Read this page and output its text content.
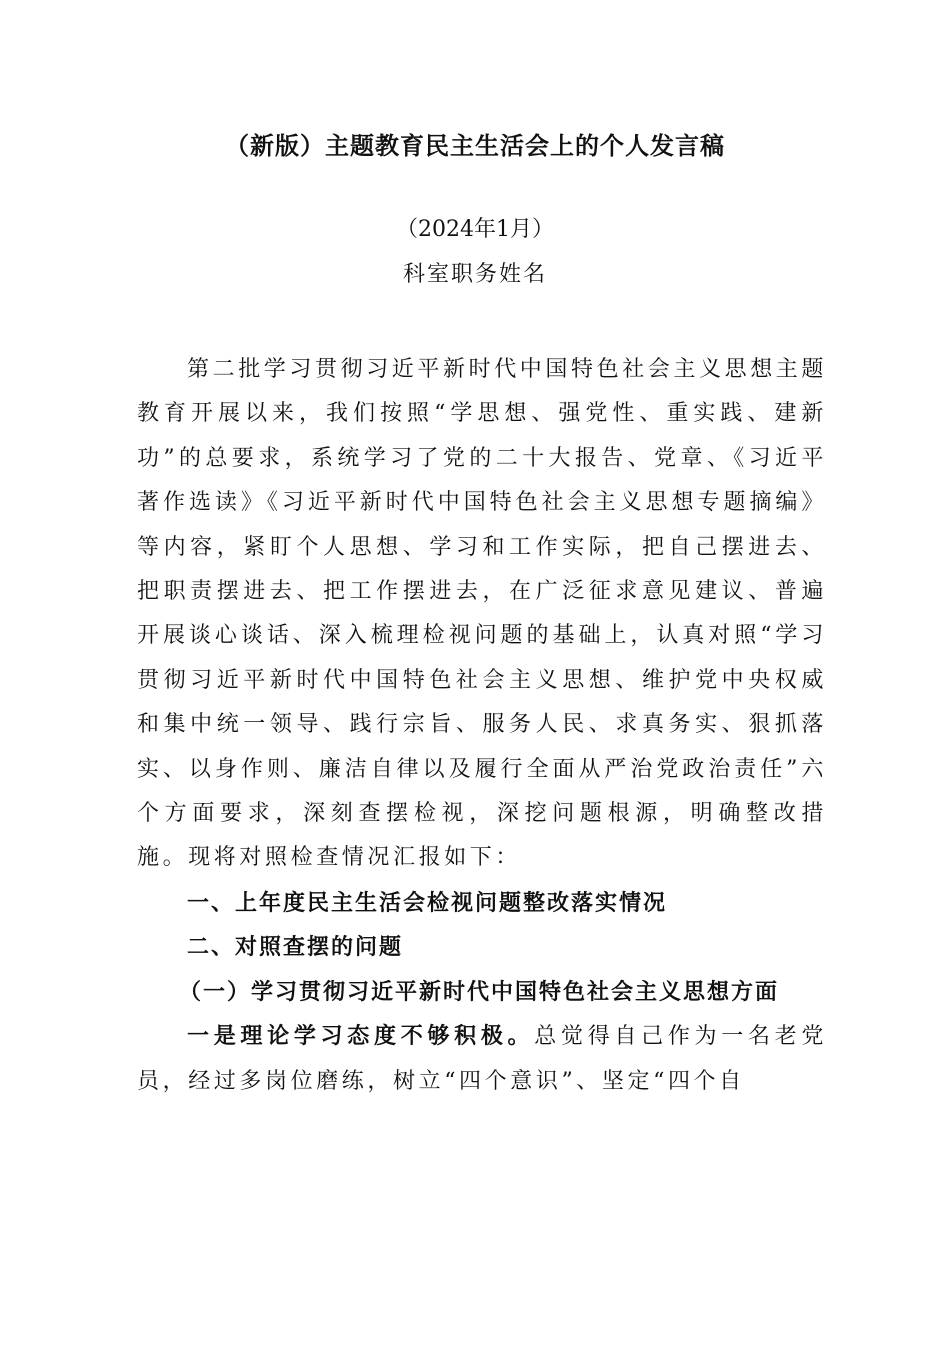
（新版）主题教育民主生活会上的个人发言稿
（2024年1月）
科室职务姓名

第二批学习贯彻习近平新时代中国特色社会主义思想主题教育开展以来，我们按照“学思想、强党性、重实践、建新功”的总要求，系统学习了党的二十大报告、党章、《习近平著作选读》《习近平新时代中国特色社会主义思想专题摘编》等内容，紧盯个人思想、学习和工作实际，把自己摆进去、把职责摆进去、把工作摆进去，在广泛征求意见建议、普遍开展谈心谈话、深入梳理检视问题的基础上，认真对照“学习贯彻习近平新时代中国特色社会主义思想、维护党中央权威和集中统一领导、践行宗旨、服务人民、求真务实、狠抓落实、以身作则、廉洁自律以及履行全面从严治党政治责任”六个方面要求，深刻查摆检视，深挖问题根源，明确整改措施。现将对照检查情况汇报如下：

一、上年度民主生活会检视问题整改落实情况

二、对照查摆的问题

（一）学习贯彻习近平新时代中国特色社会主义思想方面

一是理论学习态度不够积极。总觉得自己作为一名老党员，经过多岗位磨练，树立“四个意识”、坚定“四个自
